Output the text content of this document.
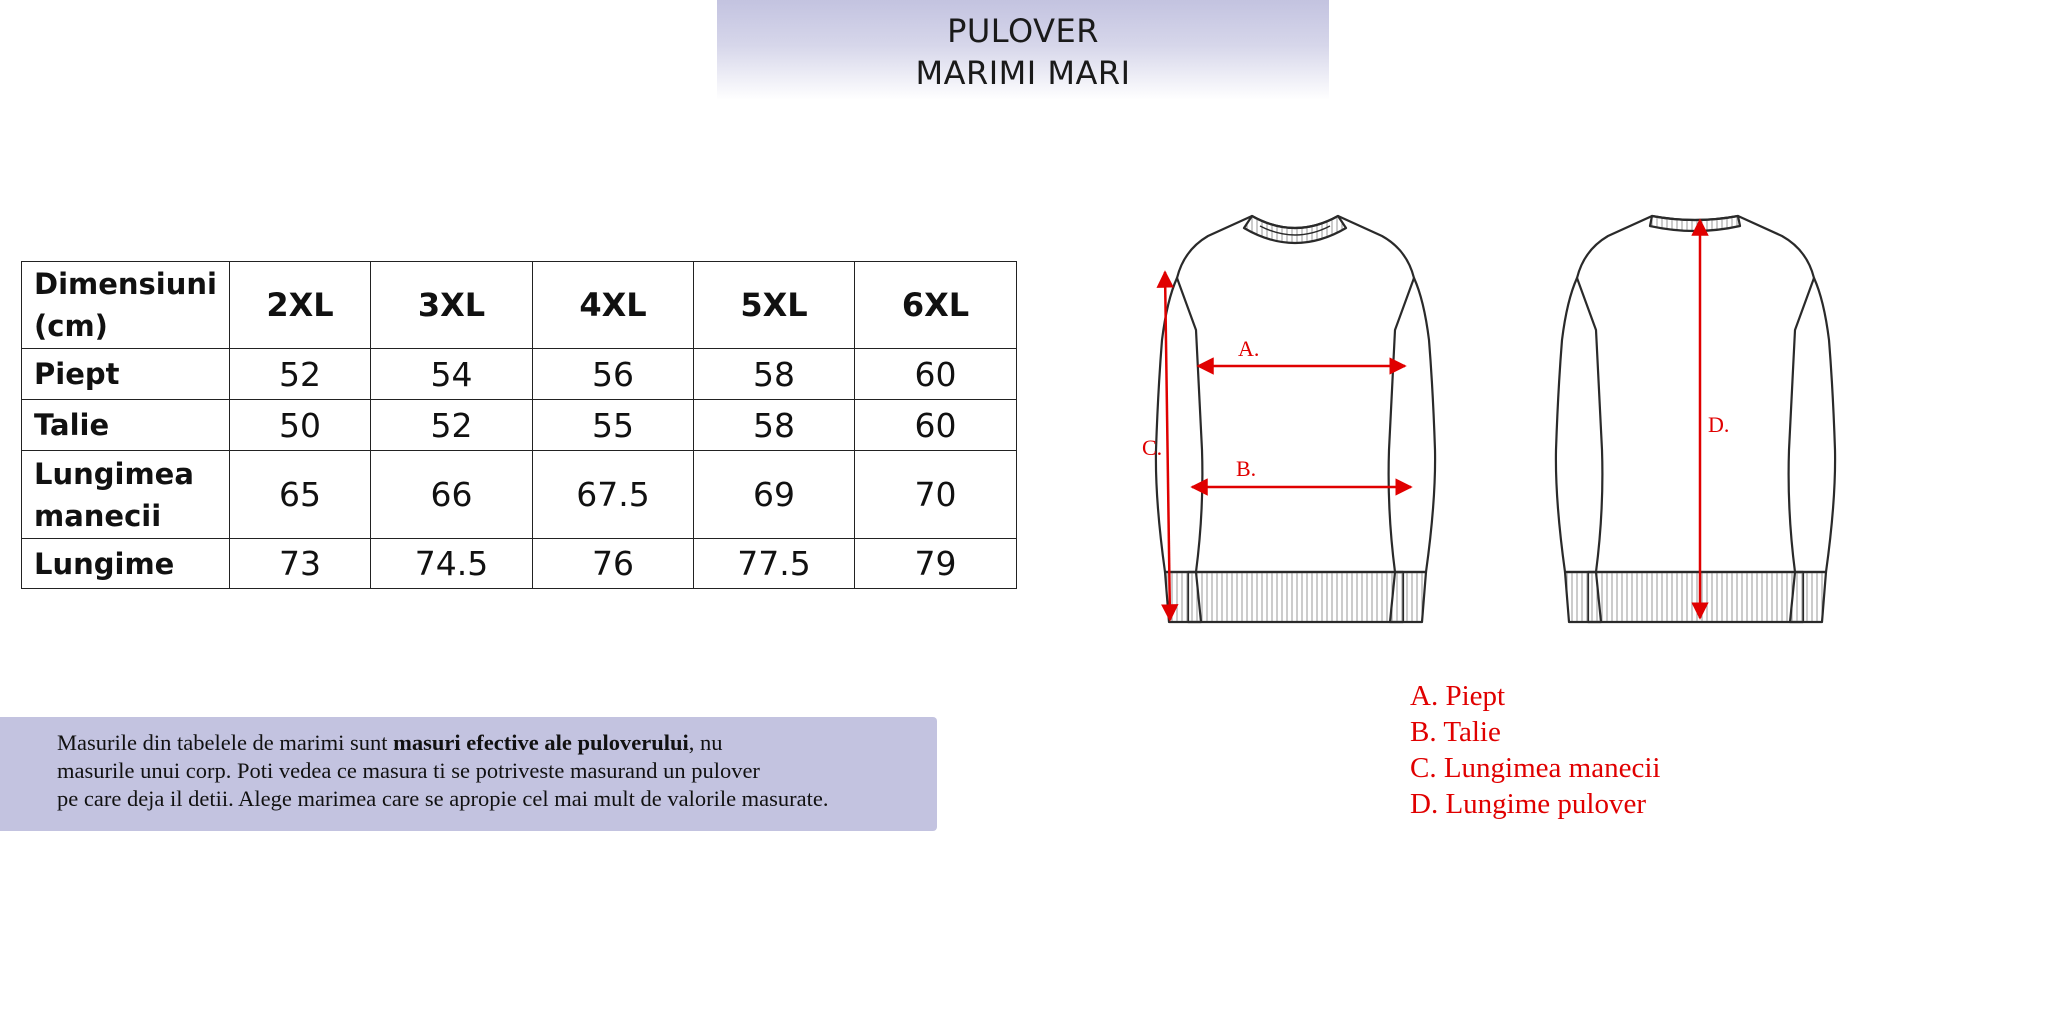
PULOVER
MARIMI MARI
Dimensiuni
(cm)	2XL	3XL	4XL	5XL	6XL
Piept	52	54	56	58	60
Talie	50	52	55	58	60
Lungimea
manecii	65	66	67.5	69	70
Lungime	73	74.5	76	77.5	79
Masurile din tabelele de marimi sunt masuri efective ale puloverului, nu
masurile unui corp. Poti vedea ce masura ti se potriveste masurand un pulover
pe care deja il detii. Alege marimea care se apropie cel mai mult de valorile masurate.
A.
B.
C.
D.
A. Piept
B. Talie
C. Lungimea manecii
D. Lungime pulover
